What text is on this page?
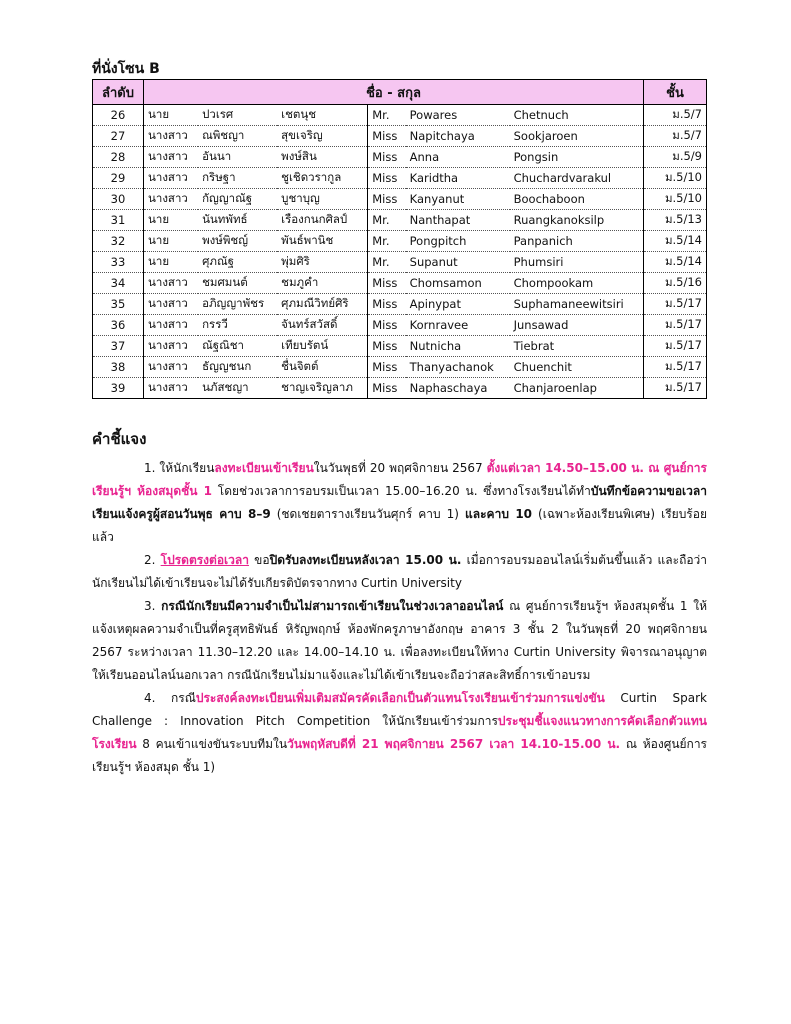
ที่นั่งโซน B
ลำดับ	ชื่อ - สกุล						ชั้น
26	นาย	ปวเรศ	เชตนุช	Mr.	Powares	Chetnuch	ม.5/7
27	นางสาว	ณพิชญา	สุขเจริญ	Miss	Napitchaya	Sookjaroen	ม.5/7
28	นางสาว	อันนา	พงษ์สิน	Miss	Anna	Pongsin	ม.5/9
29	นางสาว	กริษฐา	ชูเชิดวรากูล	Miss	Karidtha	Chuchardvarakul	ม.5/10
30	นางสาว	กัญญาณัฐ	บูชาบุญ	Miss	Kanyanut	Boochaboon	ม.5/10
31	นาย	นันทพัทธ์	เรืองกนกศิลป์	Mr.	Nanthapat	Ruangkanoksilp	ม.5/13
32	นาย	พงษ์พิชญ์	พันธ์พานิช	Mr.	Pongpitch	Panpanich	ม.5/14
33	นาย	ศุภณัฐ	พุ่มศิริ	Mr.	Supanut	Phumsiri	ม.5/14
34	นางสาว	ชมศมนต์	ชมภูคำ	Miss	Chomsamon	Chompookam	ม.5/16
35	นางสาว	อภิญญาพัชร	ศุภมณีวิทย์ศิริ	Miss	Apinypat	Suphamaneewitsiri	ม.5/17
36	นางสาว	กรรวี	จันทร์สวัสดิ์	Miss	Kornravee	Junsawad	ม.5/17
37	นางสาว	ณัฐณิชา	เทียบรัตน์	Miss	Nutnicha	Tiebrat	ม.5/17
38	นางสาว	ธัญญชนก	ชื่นจิตต์	Miss	Thanyachanok	Chuenchit	ม.5/17
39	นางสาว	นภัสชญา	ชาญเจริญลาภ	Miss	Naphaschaya	Chanjaroenlap	ม.5/17
คำชี้แจง

1. ให้นักเรียนลงทะเบียนเข้าเรียนในวันพุธที่ 20 พฤศจิกายน 2567 ตั้งแต่เวลา 14.50–15.00 น. ณ ศูนย์การเรียนรู้ฯ ห้องสมุดชั้น 1 โดยช่วงเวลาการอบรมเป็นเวลา 15.00–16.20 น. ซึ่งทางโรงเรียนได้ทำบันทึกข้อความขอเวลาเรียนแจ้งครูผู้สอนวันพุธ คาบ 8–9 (ชดเชยตารางเรียนวันศุกร์ คาบ 1) และคาบ 10 (เฉพาะห้องเรียนพิเศษ) เรียบร้อยแล้ว

2. โปรดตรงต่อเวลา ขอปิดรับลงทะเบียนหลังเวลา 15.00 น. เมื่อการอบรมออนไลน์เริ่มต้นขึ้นแล้ว และถือว่านักเรียนไม่ได้เข้าเรียนจะไม่ได้รับเกียรติบัตรจากทาง Curtin University

3. กรณีนักเรียนมีความจำเป็นไม่สามารถเข้าเรียนในช่วงเวลาออนไลน์ ณ ศูนย์การเรียนรู้ฯ ห้องสมุดชั้น 1 ให้แจ้งเหตุผลความจำเป็นที่ครูสุทธิพันธ์ หิรัญพฤกษ์ ห้องพักครูภาษาอังกฤษ อาคาร 3 ชั้น 2 ในวันพุธที่ 20 พฤศจิกายน 2567 ระหว่างเวลา 11.30–12.20 และ 14.00–14.10 น. เพื่อลงทะเบียนให้ทาง Curtin University พิจารณาอนุญาตให้เรียนออนไลน์นอกเวลา กรณีนักเรียนไม่มาแจ้งและไม่ได้เข้าเรียนจะถือว่าสละสิทธิ์การเข้าอบรม

4. กรณีประสงค์ลงทะเบียนเพิ่มเติมสมัครคัดเลือกเป็นตัวแทนโรงเรียนเข้าร่วมการแข่งขัน Curtin Spark Challenge : Innovation Pitch Competition ให้นักเรียนเข้าร่วมการประชุมชี้แจงแนวทางการคัดเลือกตัวแทนโรงเรียน 8 คนเข้าแข่งขันระบบทีมในวันพฤหัสบดีที่ 21 พฤศจิกายน 2567 เวลา 14.10-15.00 น. ณ ห้องศูนย์การเรียนรู้ฯ ห้องสมุด ชั้น 1)
